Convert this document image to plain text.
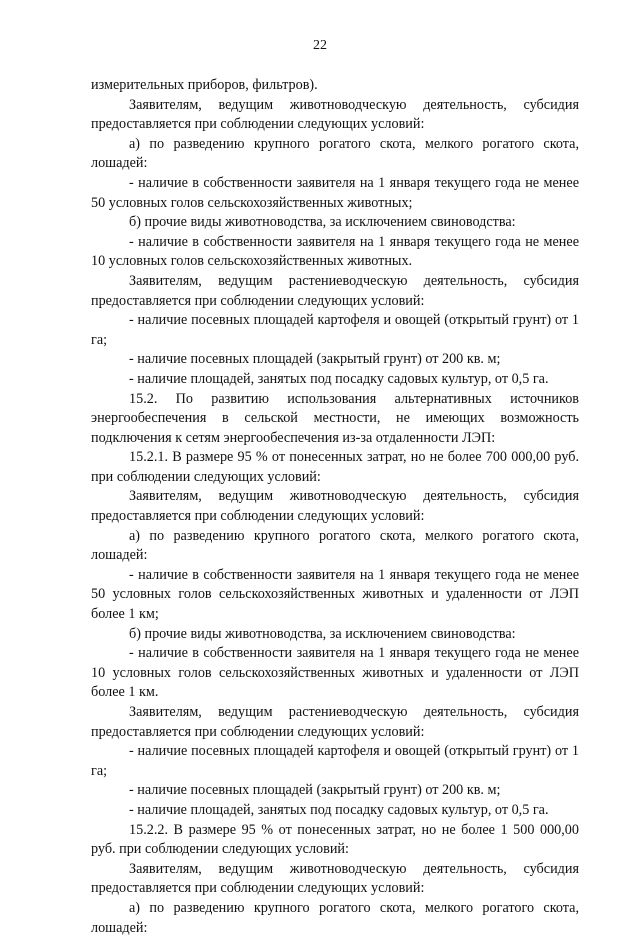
22

измерительных приборов, фильтров).

Заявителям, ведущим животноводческую деятельность, субсидия предоставляется при соблюдении следующих условий:

а) по разведению крупного рогатого скота, мелкого рогатого скота, лошадей:

- наличие в собственности заявителя на 1 января текущего года не менее 50 условных голов сельскохозяйственных животных;

б) прочие виды животноводства, за исключением свиноводства:

- наличие в собственности заявителя на 1 января текущего года не менее 10 условных голов сельскохозяйственных животных.

Заявителям, ведущим растениеводческую деятельность, субсидия предоставляется при соблюдении следующих условий:

- наличие посевных площадей картофеля и овощей (открытый грунт) от 1 га;

- наличие посевных площадей (закрытый грунт) от 200 кв. м;

- наличие площадей, занятых под посадку садовых культур, от 0,5 га.

15.2. По развитию использования альтернативных источников энергообеспечения в сельской местности, не имеющих возможность подключения к сетям энергообеспечения из-за отдаленности ЛЭП:

15.2.1. В размере 95 % от понесенных затрат, но не более 700 000,00 руб. при соблюдении следующих условий:

Заявителям, ведущим животноводческую деятельность, субсидия предоставляется при соблюдении следующих условий:

а) по разведению крупного рогатого скота, мелкого рогатого скота, лошадей:

- наличие в собственности заявителя на 1 января текущего года не менее 50 условных голов сельскохозяйственных животных и удаленности от ЛЭП более 1 км;

б) прочие виды животноводства, за исключением свиноводства:

- наличие в собственности заявителя на 1 января текущего года не менее 10 условных голов сельскохозяйственных животных и удаленности от ЛЭП более 1 км.

Заявителям, ведущим растениеводческую деятельность, субсидия предоставляется при соблюдении следующих условий:

- наличие посевных площадей картофеля и овощей (открытый грунт) от 1 га;

- наличие посевных площадей (закрытый грунт) от 200 кв. м;

- наличие площадей, занятых под посадку садовых культур, от 0,5 га.

15.2.2. В размере 95 % от понесенных затрат, но не более 1 500 000,00 руб. при соблюдении следующих условий:

Заявителям, ведущим животноводческую деятельность, субсидия предоставляется при соблюдении следующих условий:

а) по разведению крупного рогатого скота, мелкого рогатого скота, лошадей:
